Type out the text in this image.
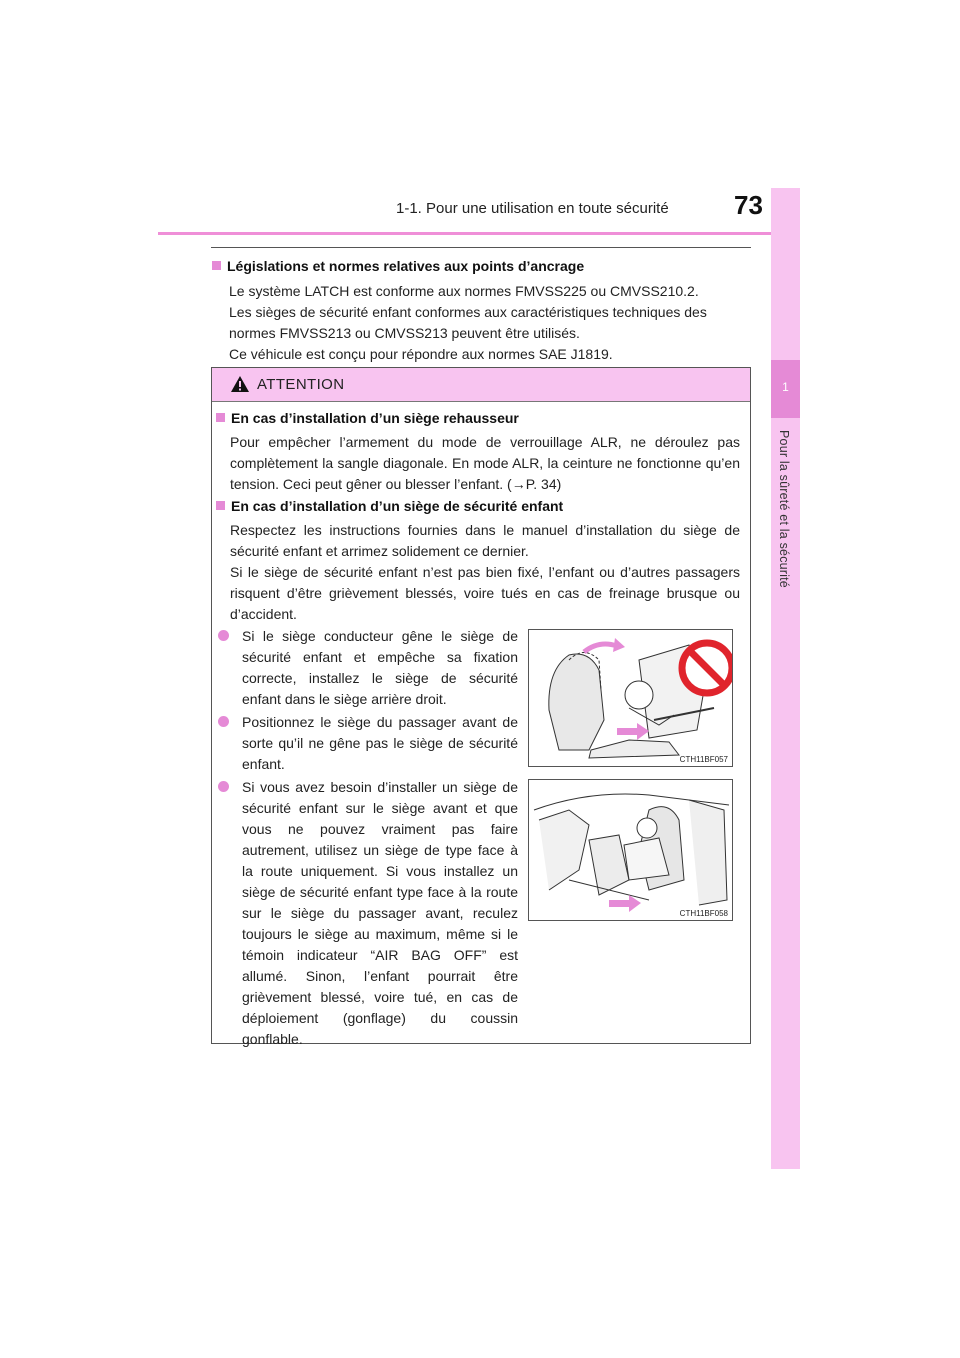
1-1. Pour une utilisation en toute sécurité	73
1
Pour la sûreté et la sécurité
Législations et normes relatives aux points d’ancrage

Le système LATCH est conforme aux normes FMVSS225 ou CMVSS210.2.

Les sièges de sécurité enfant conformes aux caractéristiques techniques des normes FMVSS213 ou CMVSS213 peuvent être utilisés.

Ce véhicule est conçu pour répondre aux normes SAE J1819.

ATTENTION
En cas d’installation d’un siège rehausseur

Pour empêcher l’armement du mode de verrouillage ALR, ne déroulez pas complètement la sangle diagonale. En mode ALR, la ceinture ne fonctionne qu’en tension. Ceci peut gêner ou blesser l’enfant. (→P. 34)

En cas d’installation d’un siège de sécurité enfant

Respectez les instructions fournies dans le manuel d’installation du siège de sécurité enfant et arrimez solidement ce dernier.

Si le siège de sécurité enfant n’est pas bien fixé, l’enfant ou d’autres passagers risquent d’être grièvement blessés, voire tués en cas de freinage brusque ou d’accident.

Si le siège conducteur gêne le siège de sécurité enfant et empêche sa fixation correcte, installez le siège de sécurité enfant dans le siège arrière droit.
Positionnez le siège du passager avant de sorte qu’il ne gêne pas le siège de sécurité enfant.
Si vous avez besoin d’installer un siège de sécurité enfant sur le siège avant et que vous ne pouvez vraiment pas faire autrement, utilisez un siège de type face à la route uniquement. Si vous installez un siège de sécurité enfant type face à la route sur le siège du passager avant, reculez toujours le siège au maximum, même si le témoin indicateur “AIR BAG OFF” est allumé. Sinon, l’enfant pourrait être grièvement blessé, voire tué, en cas de déploiement (gonflage) du coussin gonflable.
CTH11BF057
CTH11BF058
